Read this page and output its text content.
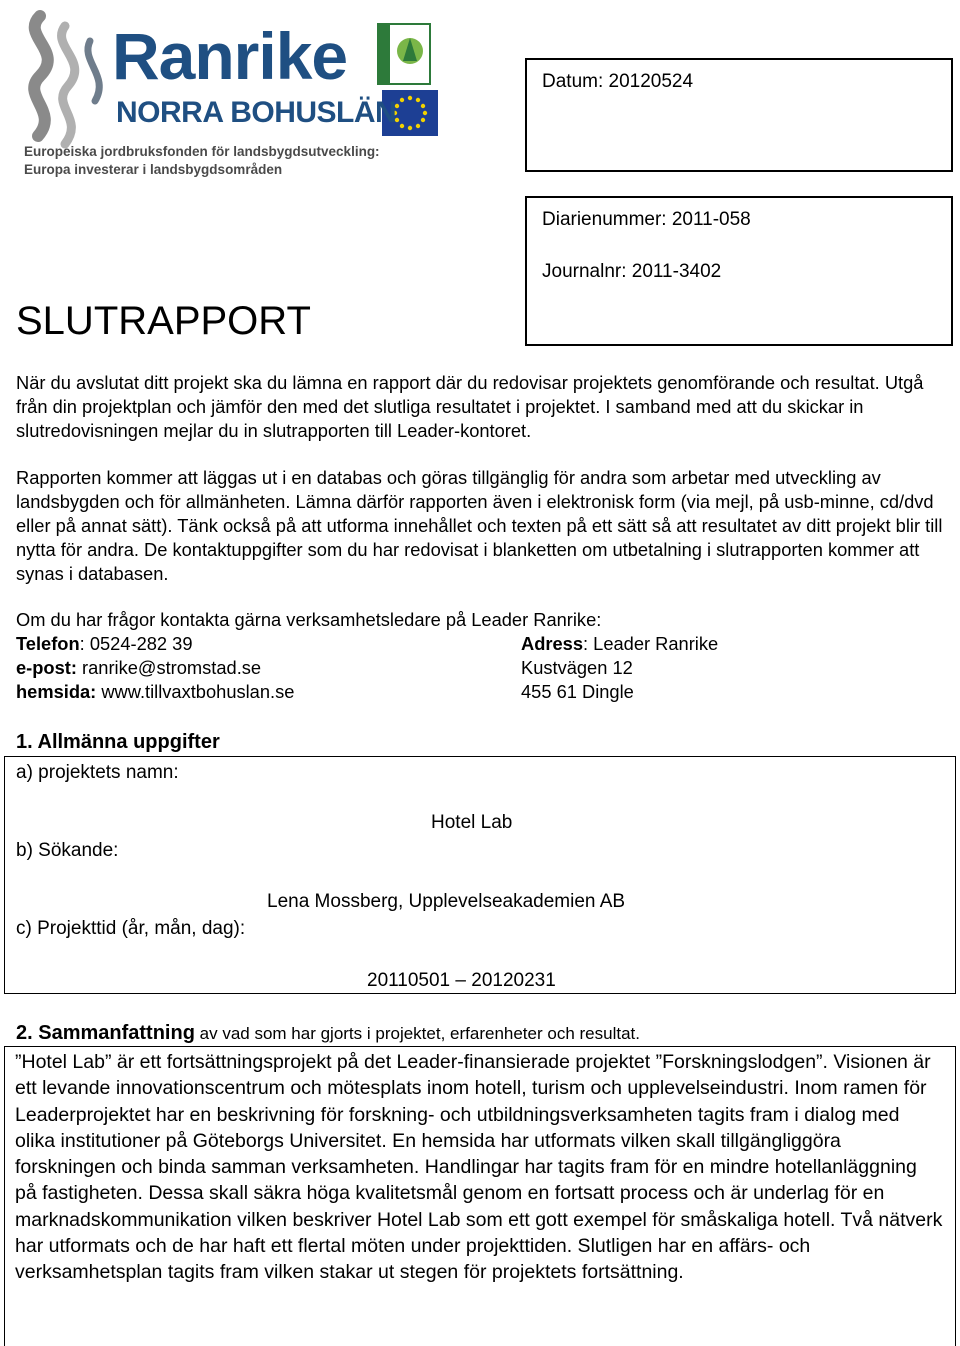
Ranrike
NORRA BOHUSLÄN
Europeiska jordbruksfonden för landsbygdsutveckling:
Europa investerar i landsbygdsområden
Datum: 20120524
Diarienummer: 2011-058
Journalnr: 2011-3402
SLUTRAPPORT
När du avslutat ditt projekt ska du lämna en rapport där du redovisar projektets genomförande och resultat. Utgå från din projektplan och jämför den med det slutliga resultatet i projektet. I samband med att du skickar in slutredovisningen mejlar du in slutrapporten till Leader-kontoret.
Rapporten kommer att läggas ut i en databas och göras tillgänglig för andra som arbetar med utveckling av landsbygden och för allmänheten. Lämna därför rapporten även i elektronisk form (via mejl, på usb-minne, cd/dvd eller på annat sätt). Tänk också på att utforma innehållet och texten på ett sätt så att resultatet av ditt projekt blir till nytta för andra. De kontaktuppgifter som du har redovisat i blanketten om utbetalning i slutrapporten kommer att synas i databasen.
Om du har frågor kontakta gärna verksamhetsledare på Leader Ranrike:
Telefon: 0524-282 39
e-post: ranrike@stromstad.se
hemsida: www.tillvaxtbohuslan.se
Adress: Leader Ranrike
Kustvägen 12
455 61 Dingle
1. Allmänna uppgifter
a) projektets namn:
Hotel Lab
b) Sökande:
Lena Mossberg, Upplevelseakademien AB
c) Projekttid (år, mån, dag):
20110501 – 20120231
2. Sammanfattning av vad som har gjorts i projektet, erfarenheter och resultat.
”Hotel Lab” är ett fortsättningsprojekt på det Leader-finansierade projektet ”Forskningslodgen”. Visionen är ett levande innovationscentrum och mötesplats inom hotell, turism och upplevelseindustri. Inom ramen för Leaderprojektet har en beskrivning för forskning- och utbildningsverksamheten tagits fram i dialog med olika institutioner på Göteborgs Universitet. En hemsida har utformats vilken skall tillgängliggöra forskningen och binda samman verksamheten. Handlingar har tagits fram för en mindre hotellanläggning på fastigheten. Dessa skall säkra höga kvalitetsmål genom en fortsatt process och är underlag för en marknadskommunikation vilken beskriver Hotel Lab som ett gott exempel för småskaliga hotell. Två nätverk har utformats och de har haft ett flertal möten under projekttiden. Slutligen har en affärs- och verksamhetsplan tagits fram vilken stakar ut stegen för projektets fortsättning.
